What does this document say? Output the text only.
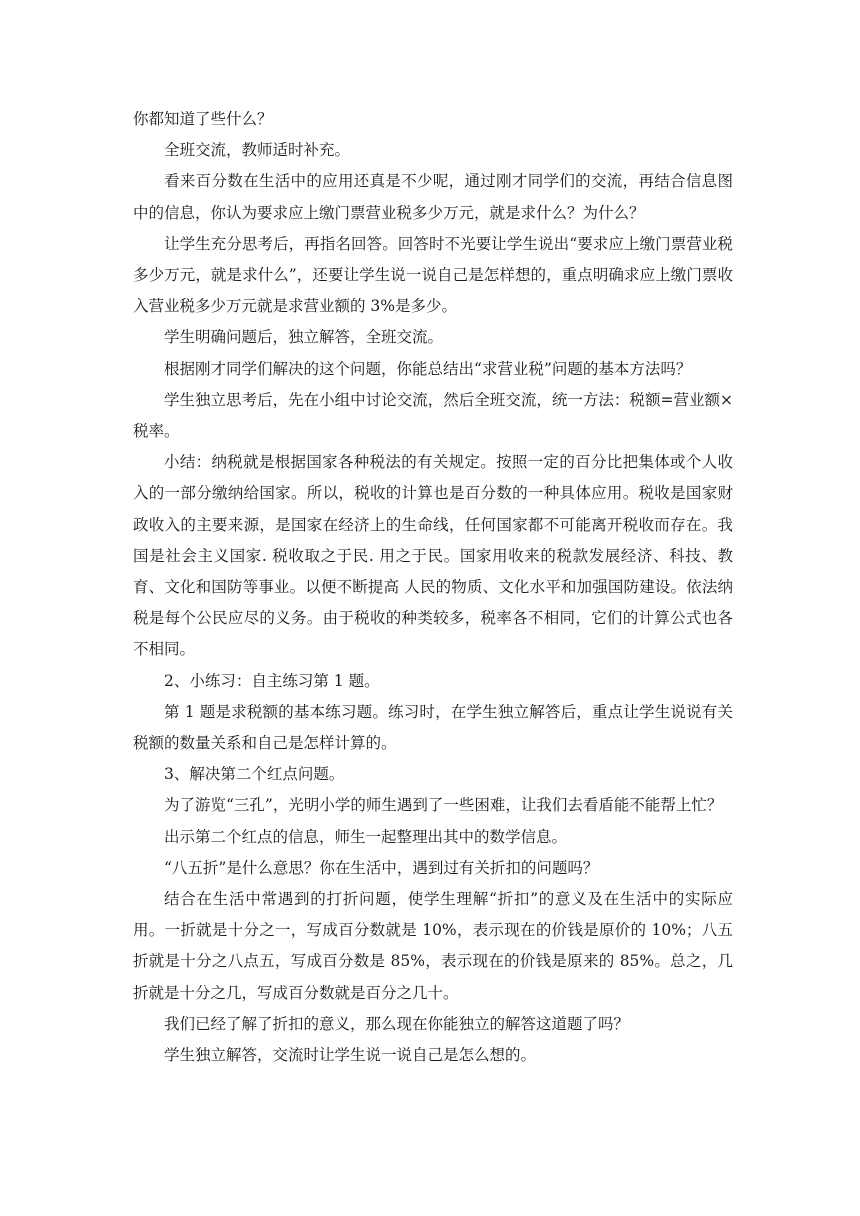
你都知道了些什么？

全班交流，教师适时补充。

看来百分数在生活中的应用还真是不少呢，通过刚才同学们的交流，再结合信息图中的信息，你认为要求应上缴门票营业税多少万元，就是求什么？为什么？

让学生充分思考后，再指名回答。回答时不光要让学生说出“要求应上缴门票营业税多少万元，就是求什么”，还要让学生说一说自己是怎样想的，重点明确求应上缴门票收入营业税多少万元就是求营业额的 3%是多少。

学生明确问题后，独立解答，全班交流。

根据刚才同学们解决的这个问题，你能总结出“求营业税”问题的基本方法吗？

学生独立思考后，先在小组中讨论交流，然后全班交流，统一方法：税额=营业额×税率。

小结：纳税就是根据国家各种税法的有关规定。按照一定的百分比把集体或个人收入的一部分缴纳给国家。所以，税收的计算也是百分数的一种具体应用。税收是国家财政收入的主要来源，是国家在经济上的生命线，任何国家都不可能离开税收而存在。我国是社会主义国家. 税收取之于民. 用之于民。国家用收来的税款发展经济、科技、教育、文化和国防等事业。以便不断提高 人民的物质、文化水平和加强国防建设。依法纳税是每个公民应尽的义务。由于税收的种类较多，税率各不相同，它们的计算公式也各不相同。

2、小练习：自主练习第 1 题。

第 1 题是求税额的基本练习题。练习时，在学生独立解答后，重点让学生说说有关税额的数量关系和自己是怎样计算的。

3、解决第二个红点问题。

为了游览“三孔”，光明小学的师生遇到了一些困难，让我们去看盾能不能帮上忙？

出示第二个红点的信息，师生一起整理出其中的数学信息。

“八五折”是什么意思？你在生活中，遇到过有关折扣的问题吗？

结合在生活中常遇到的打折问题，使学生理解“折扣”的意义及在生活中的实际应用。一折就是十分之一，写成百分数就是 10%，表示现在的价钱是原价的 10%；八五折就是十分之八点五，写成百分数是 85%，表示现在的价钱是原来的 85%。总之，几折就是十分之几，写成百分数就是百分之几十。

我们已经了解了折扣的意义，那么现在你能独立的解答这道题了吗？

学生独立解答，交流时让学生说一说自己是怎么想的。
